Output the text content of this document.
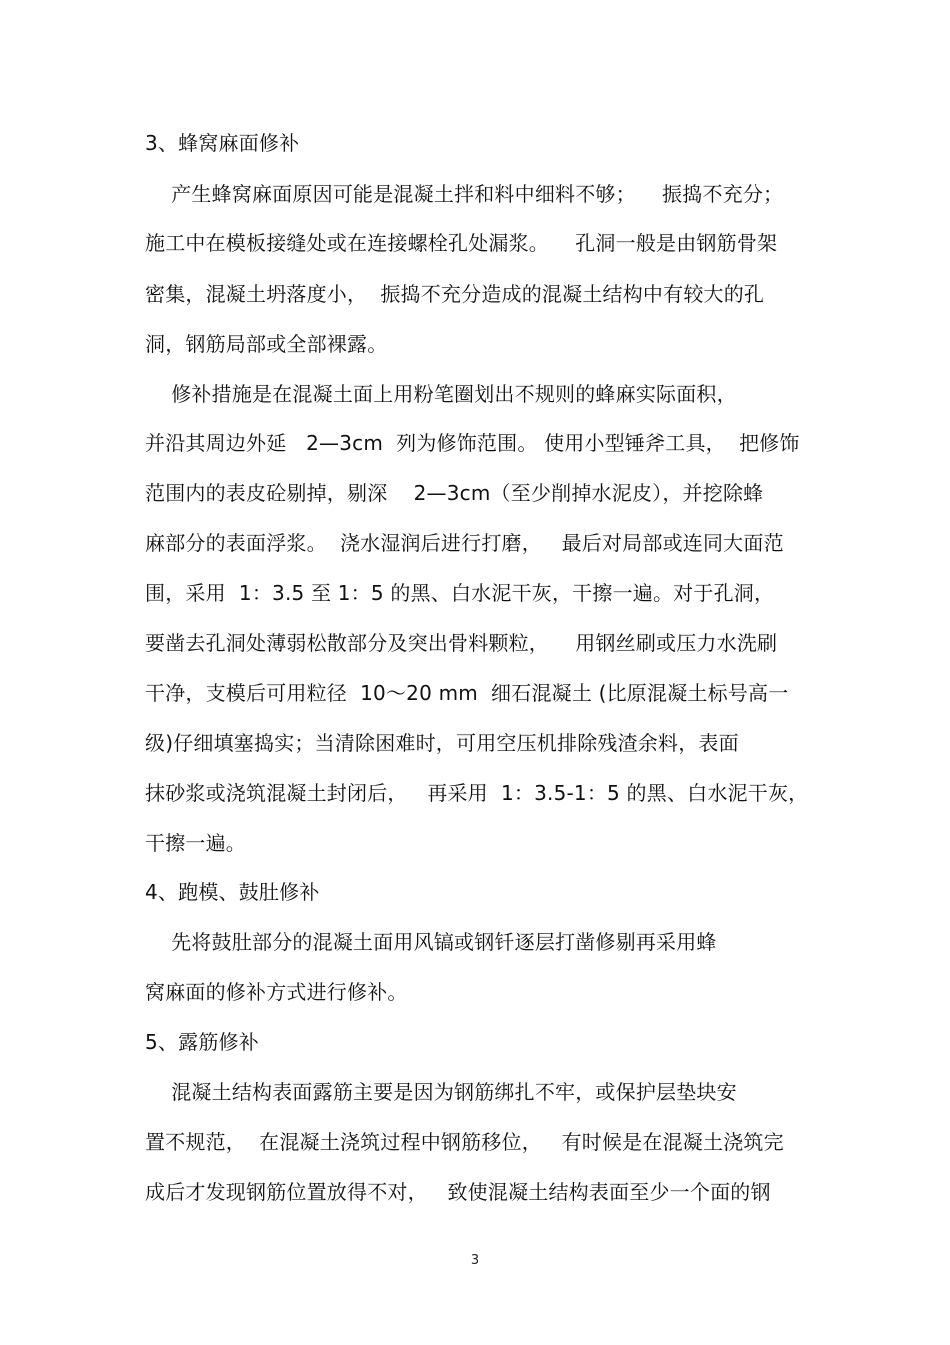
3、蜂窝麻面修补
产生蜂窝麻面原因可能是混凝土拌和料中细料不够；    振捣不充分；
施工中在模板接缝处或在连接螺栓孔处漏浆。    孔洞一般是由钢筋骨架
密集，混凝土坍落度小，  振捣不充分造成的混凝土结构中有较大的孔
洞，钢筋局部或全部裸露。
修补措施是在混凝土面上用粉笔圈划出不规则的蜂麻实际面积，
并沿其周边外延   2—3cm  列为修饰范围。 使用小型锤斧工具，  把修饰
范围内的表皮砼剔掉，剔深    2—3cm（至少削掉水泥皮），并挖除蜂
麻部分的表面浮浆。  浇水湿润后进行打磨，   最后对局部或连同大面范
围，采用  1：3.5 至 1：5 的黑、白水泥干灰，干擦一遍。对于孔洞，
要凿去孔洞处薄弱松散部分及突出骨料颗粒，    用钢丝刷或压力水洗刷
干净，支模后可用粒径  10～20 mm  细石混凝土 (比原混凝土标号高一
级)仔细填塞捣实；当清除困难时，可用空压机排除残渣余料，表面
抹砂浆或浇筑混凝土封闭后，   再采用  1：3.5-1：5 的黑、白水泥干灰，
干擦一遍。
4、跑模、鼓肚修补
先将鼓肚部分的混凝土面用风镐或钢钎逐层打凿修剔再采用蜂
窝麻面的修补方式进行修补。
5、露筋修补
混凝土结构表面露筋主要是因为钢筋绑扎不牢，或保护层垫块安
置不规范，  在混凝土浇筑过程中钢筋移位，   有时候是在混凝土浇筑完
成后才发现钢筋位置放得不对，   致使混凝土结构表面至少一个面的钢
3
